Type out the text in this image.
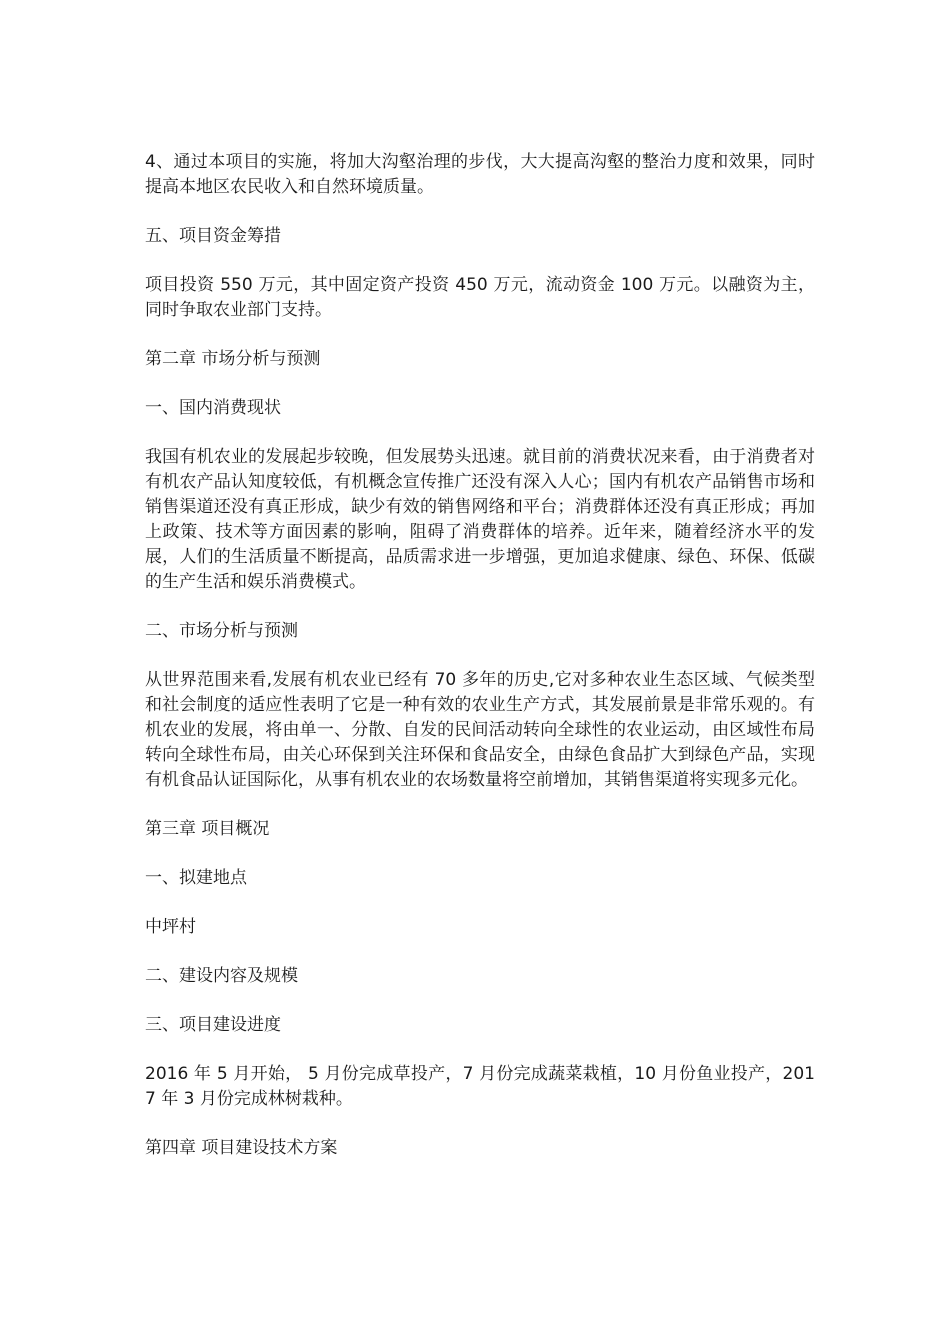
4、通过本项目的实施，将加大沟壑治理的步伐，大大提高沟壑的整治力度和效果，同时提高本地区农民收入和自然环境质量。

五、项目资金筹措

项目投资 550 万元，其中固定资产投资 450 万元，流动资金 100 万元。以融资为主，同时争取农业部门支持。

第二章 市场分析与预测

一、国内消费现状

我国有机农业的发展起步较晚，但发展势头迅速。就目前的消费状况来看，由于消费者对有机农产品认知度较低，有机概念宣传推广还没有深入人心；国内有机农产品销售市场和销售渠道还没有真正形成，缺少有效的销售网络和平台；消费群体还没有真正形成；再加上政策、技术等方面因素的影响，阻碍了消费群体的培养。近年来，随着经济水平的发展，人们的生活质量不断提高，品质需求进一步增强，更加追求健康、绿色、环保、低碳的生产生活和娱乐消费模式。

二、市场分析与预测

从世界范围来看,发展有机农业已经有 70 多年的历史,它对多种农业生态区域、气候类型和社会制度的适应性表明了它是一种有效的农业生产方式，其发展前景是非常乐观的。有机农业的发展，将由单一、分散、自发的民间活动转向全球性的农业运动，由区域性布局转向全球性布局，由关心环保到关注环保和食品安全，由绿色食品扩大到绿色产品，实现有机食品认证国际化，从事有机农业的农场数量将空前增加，其销售渠道将实现多元化。

第三章 项目概况

一、拟建地点

中坪村

二、建设内容及规模

三、项目建设进度

2016 年 5 月开始， 5 月份完成草投产，7 月份完成蔬菜栽植，10 月份鱼业投产，2017 年 3 月份完成林树栽种。

第四章 项目建设技术方案
